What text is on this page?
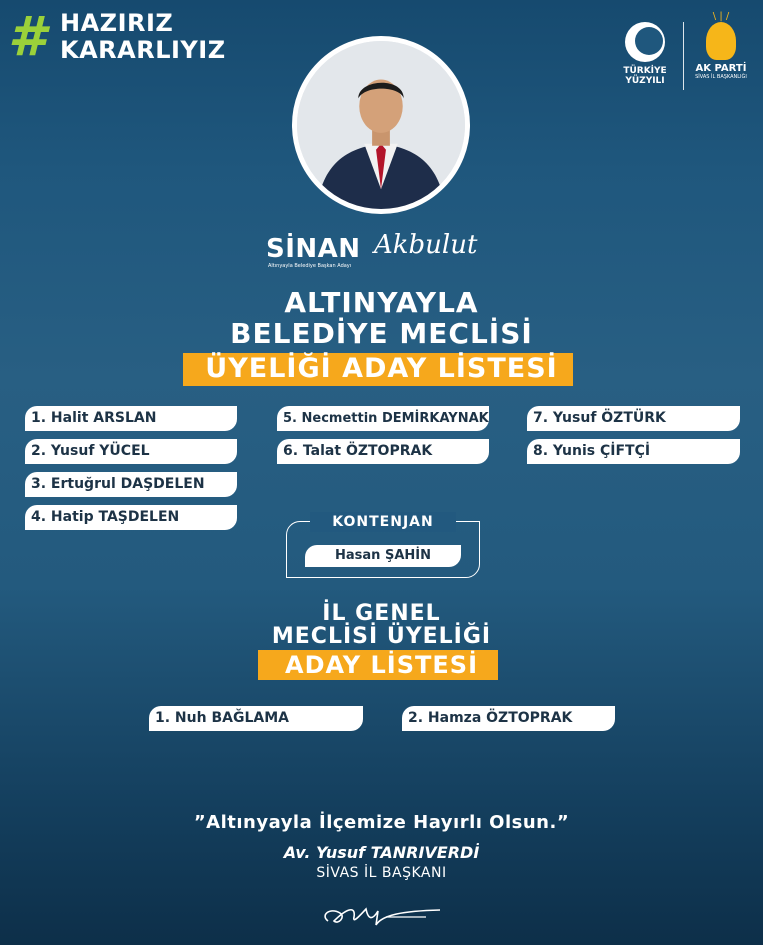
# HAZIRIZ
KARARLIYIZ
TÜRKİYE
YÜZYILI
\ | /
AK PARTİ
SİVAS İL BAŞKANLIĞI
SİNAN Akbulut
Altınyayla Belediye Başkan Adayı
ALTINYAYLA
BELEDİYE MECLİSİ
ÜYELİĞİ ADAY LİSTESİ
1. Halit ARSLAN
2. Yusuf YÜCEL
3. Ertuğrul DAŞDELEN
4. Hatip TAŞDELEN
5. Necmettin DEMİRKAYNAK
6. Talat ÖZTOPRAK
7. Yusuf ÖZTÜRK
8. Yunis ÇİFTÇİ
KONTENJAN
Hasan ŞAHİN
İL GENEL
MECLİSİ ÜYELİĞİ
ADAY LİSTESİ
1. Nuh BAĞLAMA	2. Hamza ÖZTOPRAK
”Altınyayla İlçemize Hayırlı Olsun.”
Av. Yusuf TANRIVERDİ
SİVAS İL BAŞKANI
